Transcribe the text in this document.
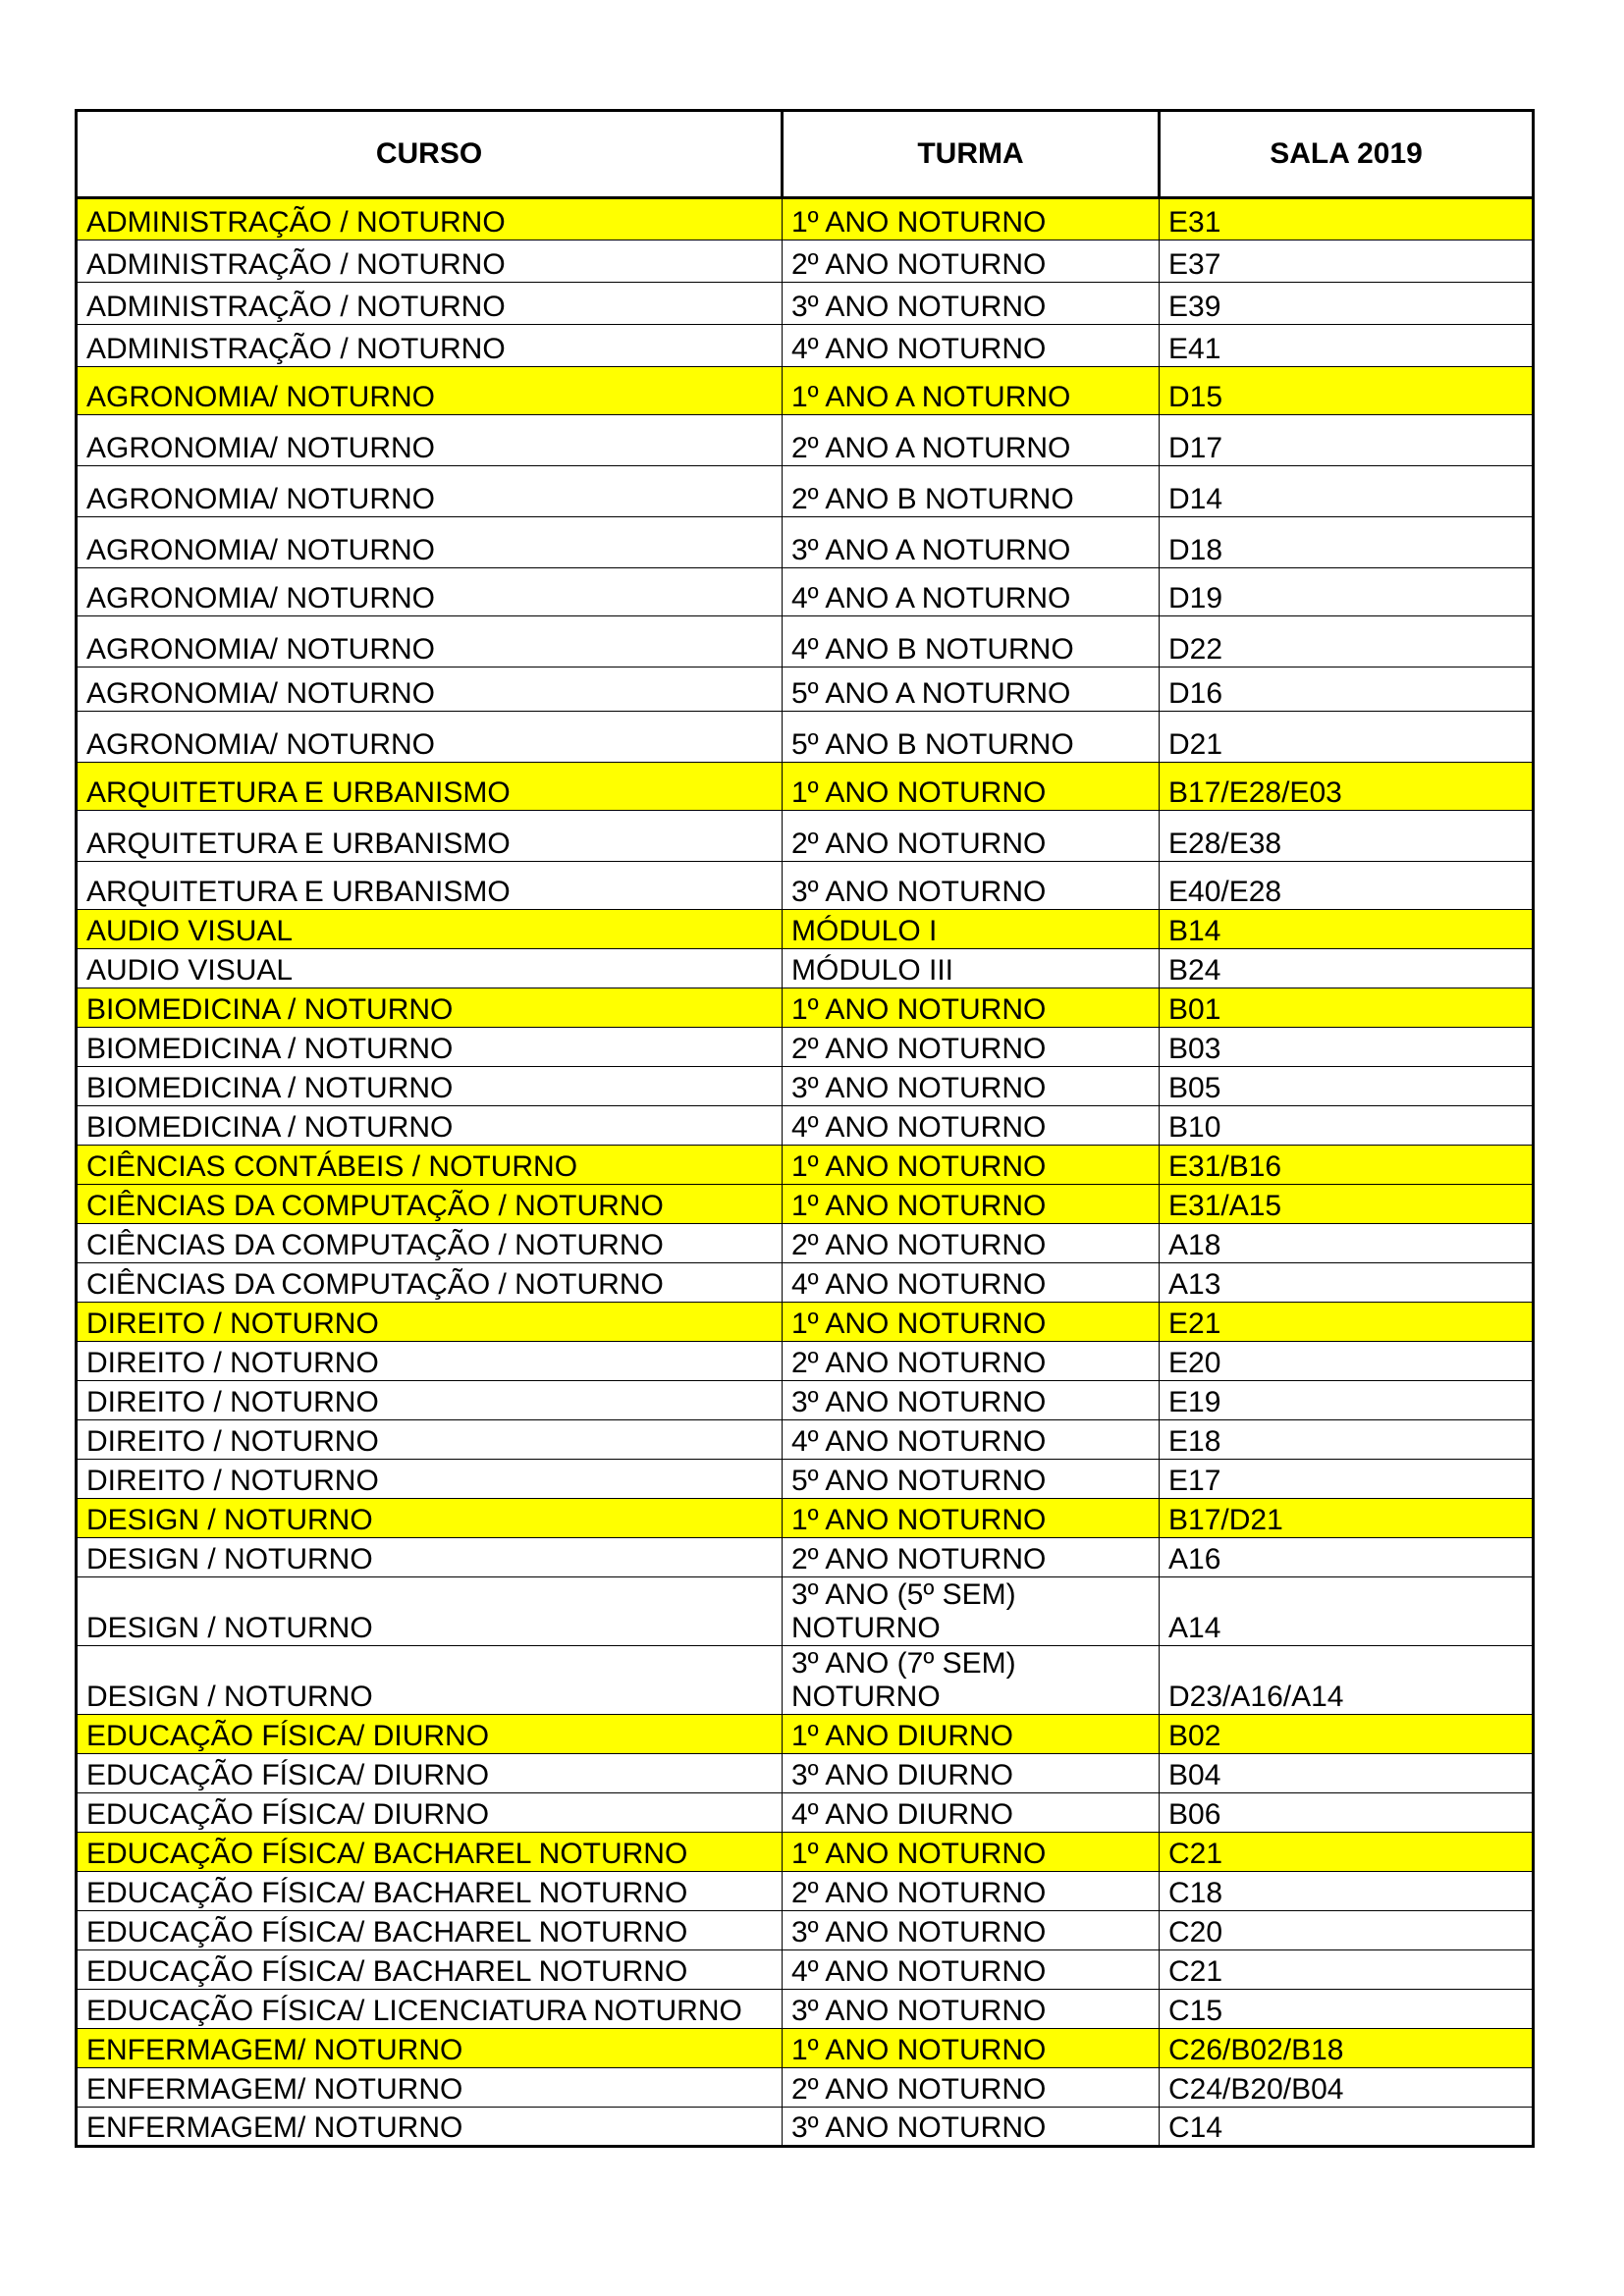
CURSO	TURMA	SALA 2019
ADMINISTRAÇÃO / NOTURNO	1º ANO NOTURNO	E31
ADMINISTRAÇÃO / NOTURNO	2º ANO NOTURNO	E37
ADMINISTRAÇÃO / NOTURNO	3º ANO NOTURNO	E39
ADMINISTRAÇÃO / NOTURNO	4º ANO NOTURNO	E41
AGRONOMIA/ NOTURNO	1º ANO A NOTURNO	D15
AGRONOMIA/ NOTURNO	2º ANO A NOTURNO	D17
AGRONOMIA/ NOTURNO	2º ANO B NOTURNO	D14
AGRONOMIA/ NOTURNO	3º ANO A NOTURNO	D18
AGRONOMIA/ NOTURNO	4º ANO A NOTURNO	D19
AGRONOMIA/ NOTURNO	4º ANO B NOTURNO	D22
AGRONOMIA/ NOTURNO	5º ANO A NOTURNO	D16
AGRONOMIA/ NOTURNO	5º ANO B NOTURNO	D21
ARQUITETURA E URBANISMO	1º ANO NOTURNO	B17/E28/E03
ARQUITETURA E URBANISMO	2º ANO NOTURNO	E28/E38
ARQUITETURA E URBANISMO	3º ANO NOTURNO	E40/E28
AUDIO VISUAL	MÓDULO I	B14
AUDIO VISUAL	MÓDULO III	B24
BIOMEDICINA / NOTURNO	1º ANO NOTURNO	B01
BIOMEDICINA / NOTURNO	2º ANO NOTURNO	B03
BIOMEDICINA / NOTURNO	3º ANO NOTURNO	B05
BIOMEDICINA / NOTURNO	4º ANO NOTURNO	B10
CIÊNCIAS CONTÁBEIS / NOTURNO	1º ANO NOTURNO	E31/B16
CIÊNCIAS DA COMPUTAÇÃO / NOTURNO	1º ANO NOTURNO	E31/A15
CIÊNCIAS DA COMPUTAÇÃO / NOTURNO	2º ANO NOTURNO	A18
CIÊNCIAS DA COMPUTAÇÃO / NOTURNO	4º ANO NOTURNO	A13
DIREITO / NOTURNO	1º ANO NOTURNO	E21
DIREITO / NOTURNO	2º ANO NOTURNO	E20
DIREITO / NOTURNO	3º ANO NOTURNO	E19
DIREITO / NOTURNO	4º ANO NOTURNO	E18
DIREITO / NOTURNO	5º ANO NOTURNO	E17
DESIGN / NOTURNO	1º ANO NOTURNO	B17/D21
DESIGN / NOTURNO	2º ANO NOTURNO	A16
DESIGN / NOTURNO	3º ANO (5º SEM) NOTURNO	A14
DESIGN / NOTURNO	3º ANO (7º SEM) NOTURNO	D23/A16/A14
EDUCAÇÃO FÍSICA/ DIURNO	1º ANO DIURNO	B02
EDUCAÇÃO FÍSICA/ DIURNO	3º ANO DIURNO	B04
EDUCAÇÃO FÍSICA/ DIURNO	4º ANO DIURNO	B06
EDUCAÇÃO FÍSICA/ BACHAREL NOTURNO	1º ANO NOTURNO	C21
EDUCAÇÃO FÍSICA/ BACHAREL NOTURNO	2º ANO NOTURNO	C18
EDUCAÇÃO FÍSICA/ BACHAREL NOTURNO	3º ANO NOTURNO	C20
EDUCAÇÃO FÍSICA/ BACHAREL NOTURNO	4º ANO NOTURNO	C21
EDUCAÇÃO FÍSICA/ LICENCIATURA NOTURNO	3º ANO NOTURNO	C15
ENFERMAGEM/ NOTURNO	1º ANO NOTURNO	C26/B02/B18
ENFERMAGEM/ NOTURNO	2º ANO NOTURNO	C24/B20/B04
ENFERMAGEM/ NOTURNO	3º ANO NOTURNO	C14
